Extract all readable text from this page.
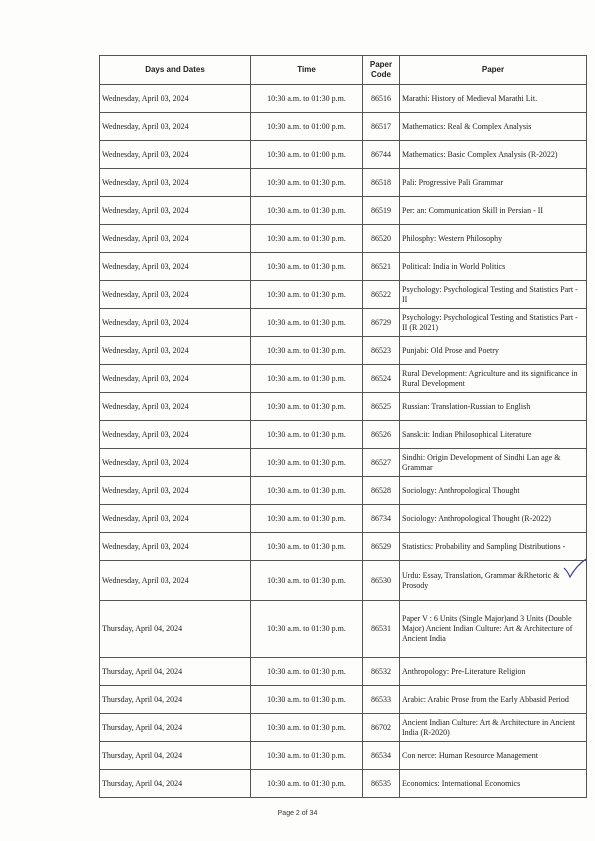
Days and Dates	Time	Paper Code	Paper
Wednesday, April 03, 2024	10:30 a.m. to 01:30 p.m.	86516	Marathi: History of Medieval Marathi Lit.
Wednesday, April 03, 2024	10:30 a.m. to 01:00 p.m.	86517	Mathematics: Real & Complex Analysis
Wednesday, April 03, 2024	10:30 a.m. to 01:00 p.m.	86744	Mathematics: Basic Complex Analysis (R-2022)
Wednesday, April 03, 2024	10:30 a.m. to 01:30 p.m.	86518	Pali: Progressive Pali Grammar
Wednesday, April 03, 2024	10:30 a.m. to 01:30 p.m.	86519	Per: an: Communication Skill in Persian - II
Wednesday, April 03, 2024	10:30 a.m. to 01:30 p.m.	86520	Philosphy: Western Philosophy
Wednesday, April 03, 2024	10:30 a.m. to 01:30 p.m.	86521	Political: India in World Politics
Wednesday, April 03, 2024	10:30 a.m. to 01:30 p.m.	86522	Psychology: Psychological Testing and Statistics Part - II
Wednesday, April 03, 2024	10:30 a.m. to 01:30 p.m.	86729	Psychology: Psychological Testing and Statistics Part - II (R 2021)
Wednesday, April 03, 2024	10:30 a.m. to 01:30 p.m.	86523	Punjabi: Old Prose and Poetry
Wednesday, April 03, 2024	10:30 a.m. to 01:30 p.m.	86524	Rural Development: Agriculture and its significance in Rural Development
Wednesday, April 03, 2024	10:30 a.m. to 01:30 p.m.	86525	Russian: Translation-Russian to English
Wednesday, April 03, 2024	10:30 a.m. to 01:30 p.m.	86526	Sansk:it: Indian Philosophical Literature
Wednesday, April 03, 2024	10:30 a.m. to 01:30 p.m.	86527	Sindhi: Origin Development of Sindhi Lan age & Grammar
Wednesday, April 03, 2024	10:30 a.m. to 01:30 p.m.	86528	Sociology: Anthropological Thought
Wednesday, April 03, 2024	10:30 a.m. to 01:30 p.m.	86734	Sociology: Anthropological Thought (R-2022)
Wednesday, April 03, 2024	10:30 a.m. to 01:30 p.m.	86529	Statistics: Probability and Sampling Distributions -
Wednesday, April 03, 2024	10:30 a.m. to 01:30 p.m.	86530	Urdu: Essay, Translation, Grammar &Rhetoric & Prosody
Thursday, April 04, 2024	10:30 a.m. to 01:30 p.m.	86531	Paper V : 6 Units (Single Major)and 3 Units (Double Major) Ancient Indian Culture: Art & Architecture of Ancient India
Thursday, April 04, 2024	10:30 a.m. to 01:30 p.m.	86532	Anthropology: Pre-Literature Religion
Thursday, April 04, 2024	10:30 a.m. to 01:30 p.m.	86533	Arabic: Arabic Prose from the Early Abbasid Period
Thursday, April 04, 2024	10:30 a.m. to 01:30 p.m.	86702	Ancient Indian Culture: Art & Architecture in Ancient India (R-2020)
Thursday, April 04, 2024	10:30 a.m. to 01:30 p.m.	86534	Con nerce: Human Resource Management
Thursday, April 04, 2024	10:30 a.m. to 01:30 p.m.	86535	Economics: International Economics
Page 2 of 34
